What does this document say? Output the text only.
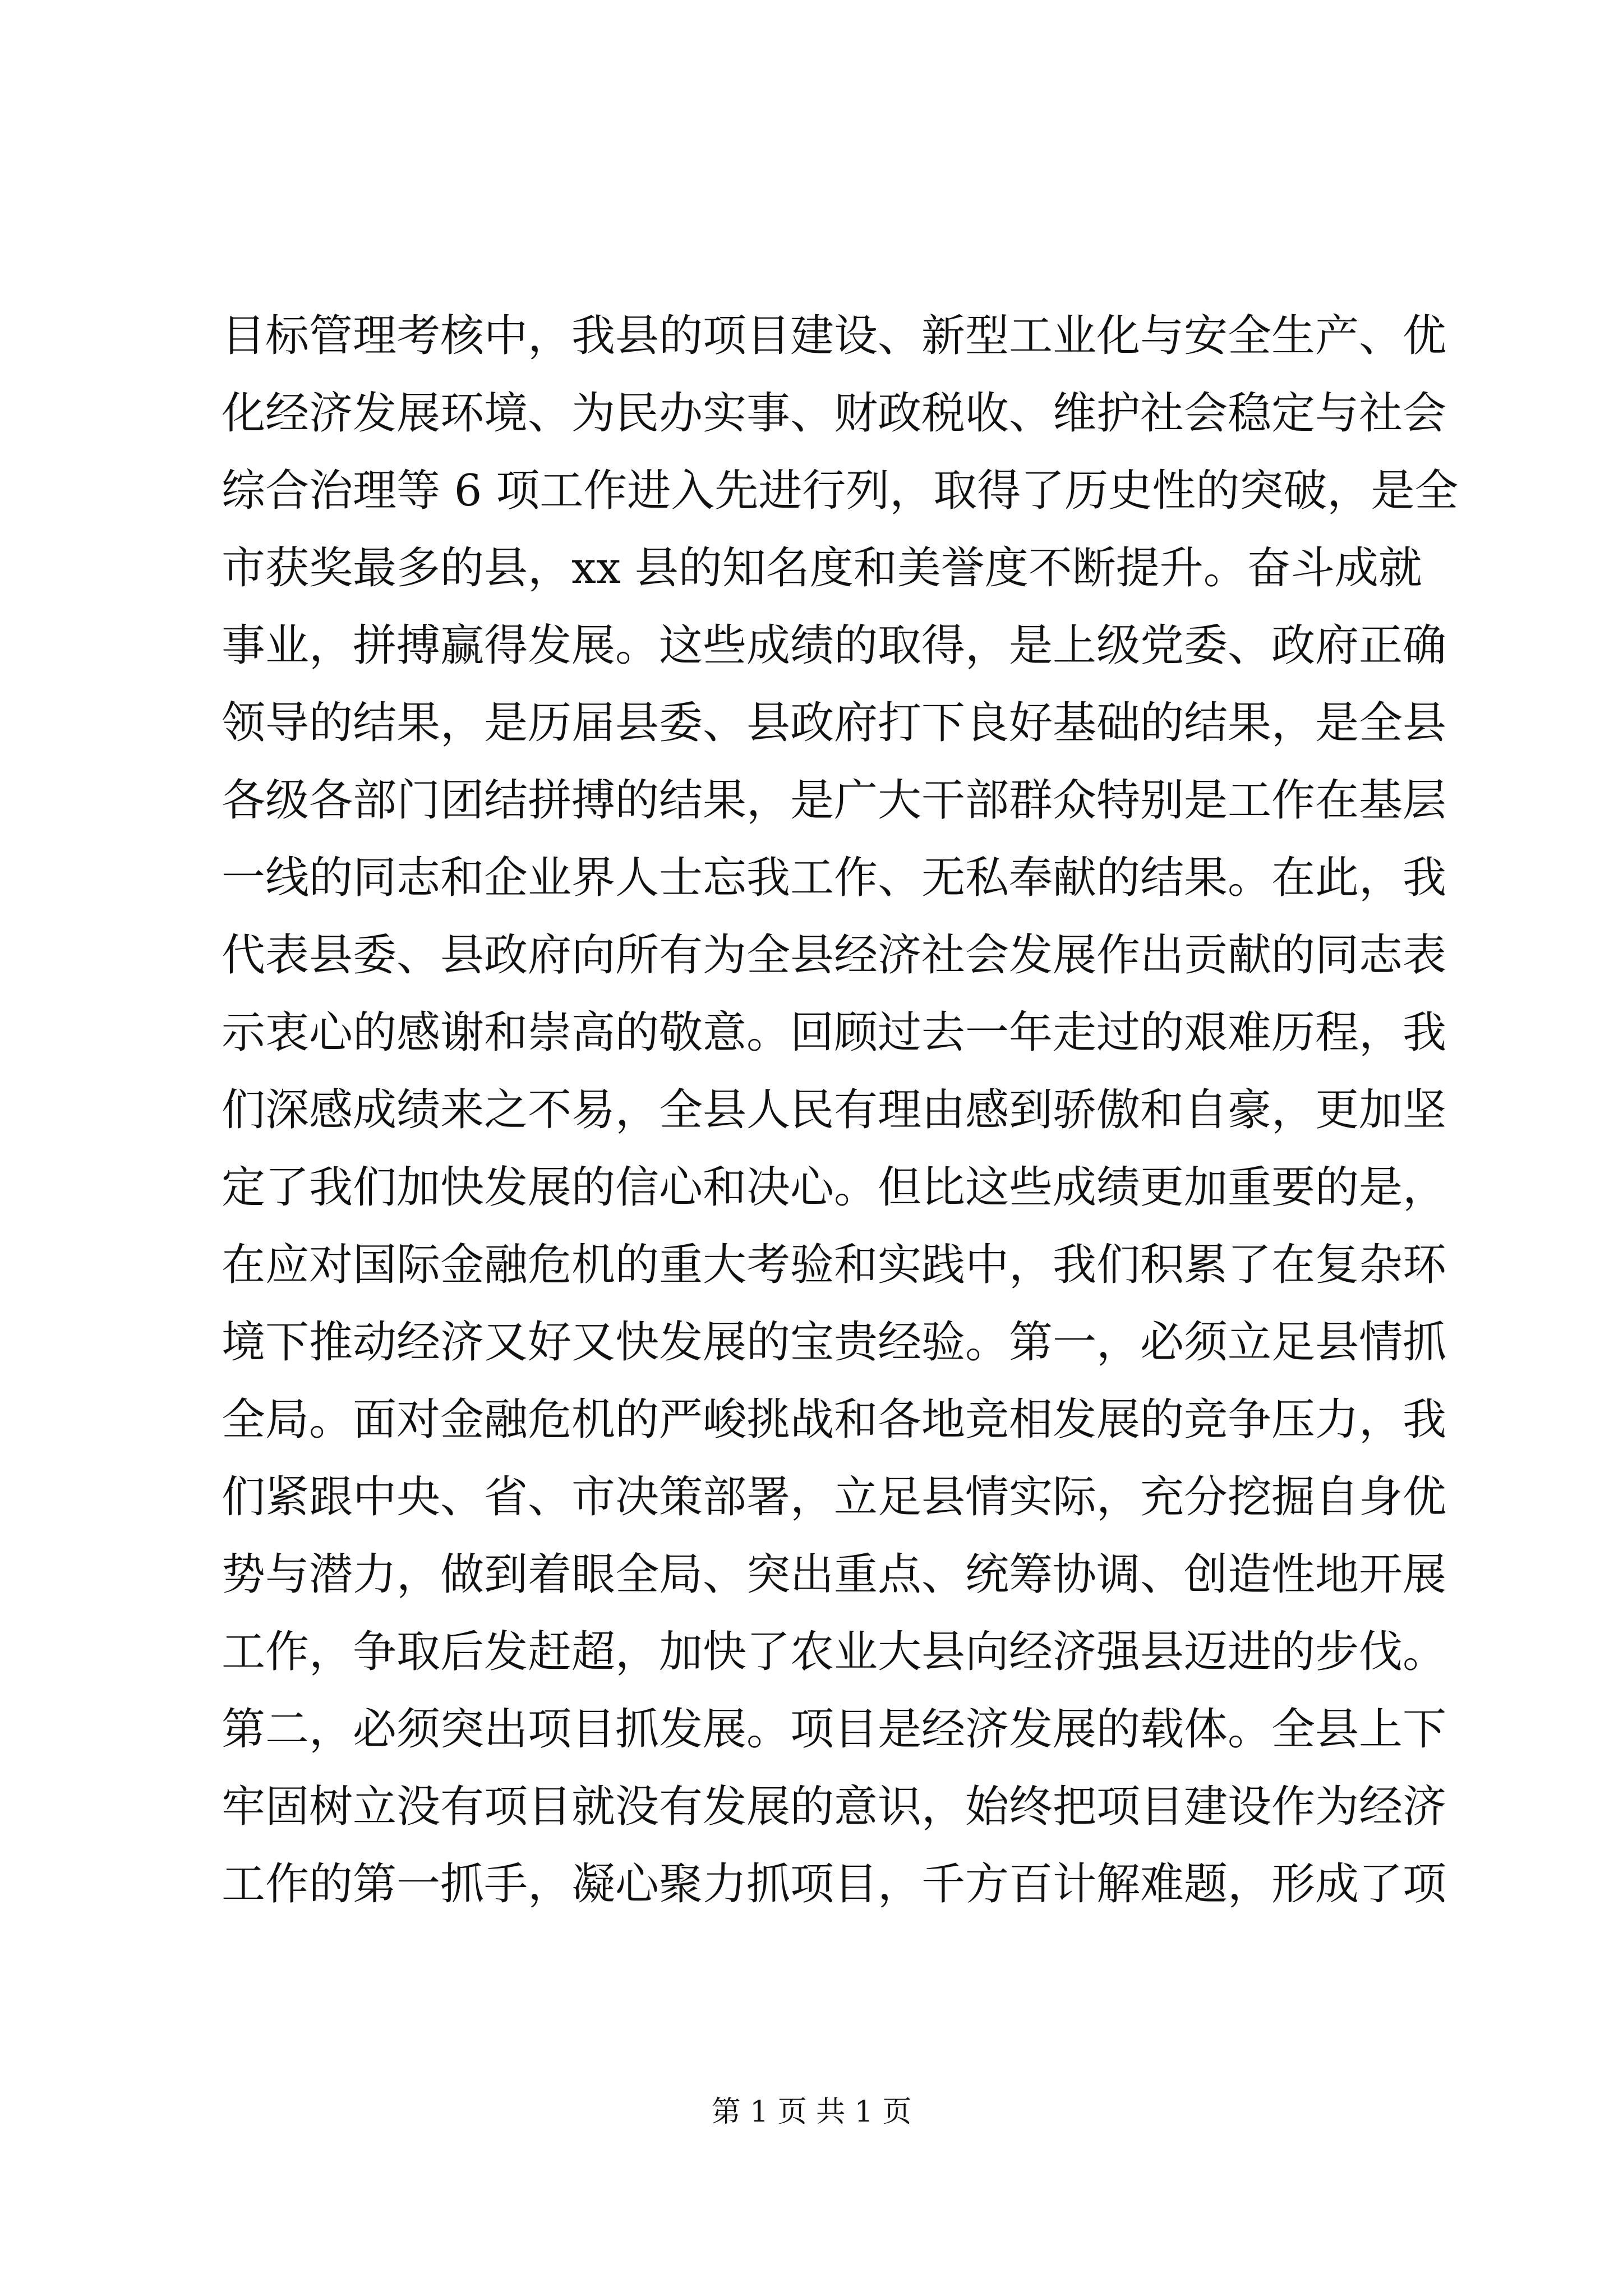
目标管理考核中，我县的项目建设、新型工业化与安全生产、优
化经济发展环境、为民办实事、财政税收、维护社会稳定与社会
综合治理等 6 项工作进入先进行列，取得了历史性的突破，是全
市获奖最多的县，xx 县的知名度和美誉度不断提升。奋斗成就
事业，拼搏赢得发展。这些成绩的取得，是上级党委、政府正确
领导的结果，是历届县委、县政府打下良好基础的结果，是全县
各级各部门团结拼搏的结果，是广大干部群众特别是工作在基层
一线的同志和企业界人士忘我工作、无私奉献的结果。在此，我
代表县委、县政府向所有为全县经济社会发展作出贡献的同志表
示衷心的感谢和崇高的敬意。回顾过去一年走过的艰难历程，我
们深感成绩来之不易，全县人民有理由感到骄傲和自豪，更加坚
定了我们加快发展的信心和决心。但比这些成绩更加重要的是，
在应对国际金融危机的重大考验和实践中，我们积累了在复杂环
境下推动经济又好又快发展的宝贵经验。第一，必须立足县情抓
全局。面对金融危机的严峻挑战和各地竞相发展的竞争压力，我
们紧跟中央、省、市决策部署，立足县情实际，充分挖掘自身优
势与潜力，做到着眼全局、突出重点、统筹协调、创造性地开展
工作，争取后发赶超，加快了农业大县向经济强县迈进的步伐。
第二，必须突出项目抓发展。项目是经济发展的载体。全县上下
牢固树立没有项目就没有发展的意识，始终把项目建设作为经济
工作的第一抓手，凝心聚力抓项目，千方百计解难题，形成了项
第 1 页 共 1 页
